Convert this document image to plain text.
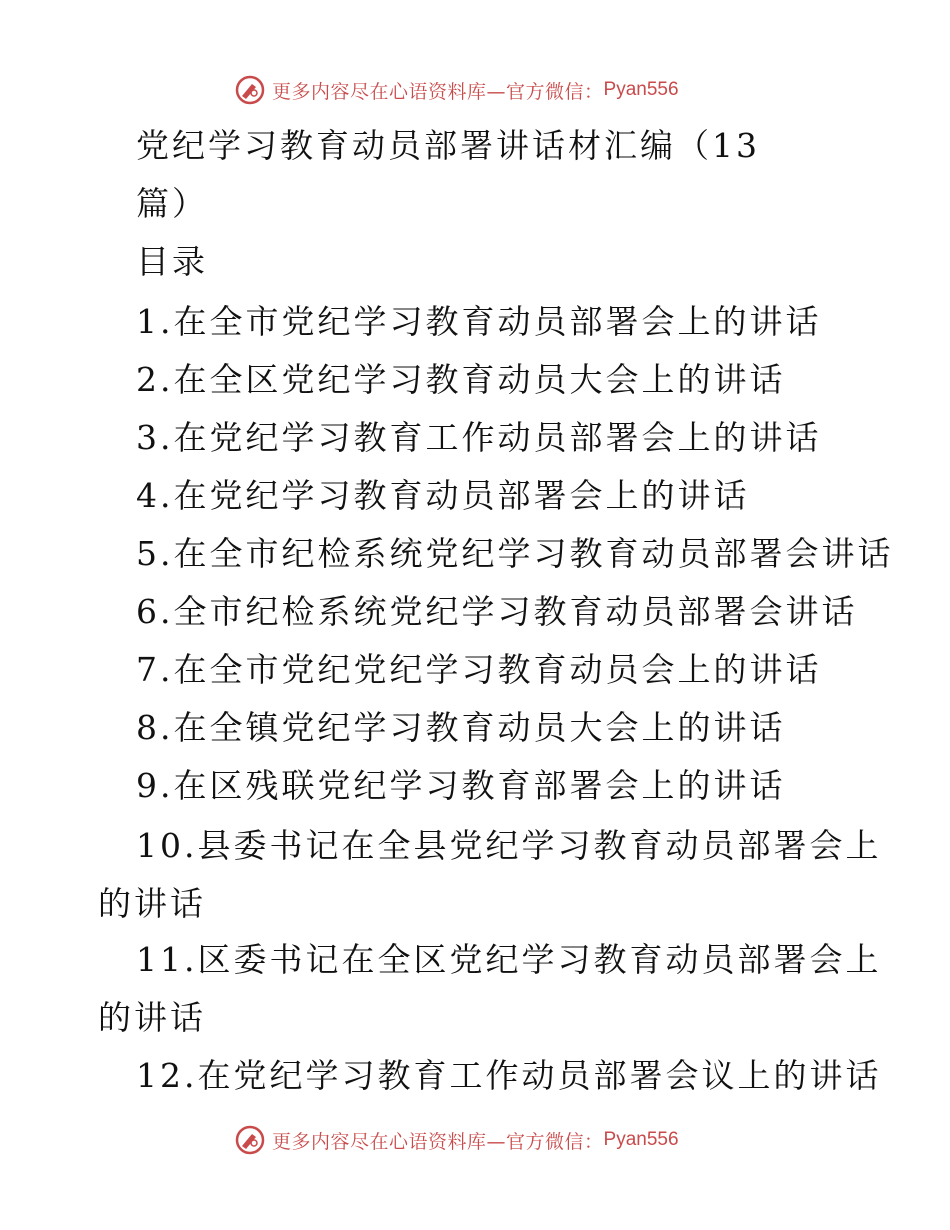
更多内容尽在心语资料库—官方微信： Pyan556
党纪学习教育动员部署讲话材汇编（13
篇）
目录
1.在全市党纪学习教育动员部署会上的讲话
2.在全区党纪学习教育动员大会上的讲话
3.在党纪学习教育工作动员部署会上的讲话
4.在党纪学习教育动员部署会上的讲话
5.在全市纪检系统党纪学习教育动员部署会讲话
6.全市纪检系统党纪学习教育动员部署会讲话
7.在全市党纪党纪学习教育动员会上的讲话
8.在全镇党纪学习教育动员大会上的讲话
9.在区残联党纪学习教育部署会上的讲话
10.县委书记在全县党纪学习教育动员部署会上
的讲话
11.区委书记在全区党纪学习教育动员部署会上
的讲话
12.在党纪学习教育工作动员部署会议上的讲话
更多内容尽在心语资料库—官方微信： Pyan556
